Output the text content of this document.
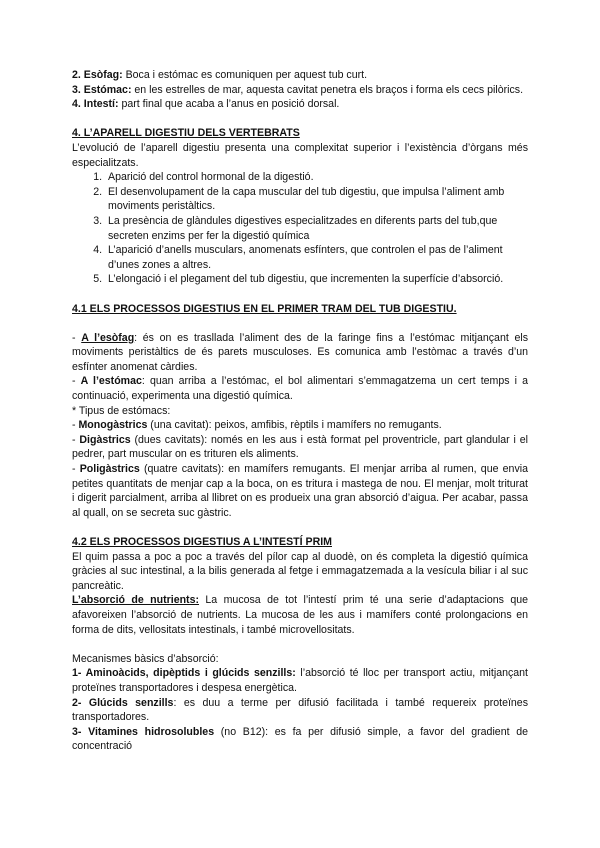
2. Esòfag: Boca i estómac es comuniquen per aquest tub curt.

3. Estómac: en les estrelles de mar, aquesta cavitat penetra els braços i forma els cecs pilòrics.

4. Intestí: part final que acaba a l’anus en posició dorsal.

4. L’APARELL DIGESTIU DELS VERTEBRATS

L’evolució de l’aparell digestiu presenta una complexitat superior i l’existència d’òrgans més especialitzats.

1. Aparició del control hormonal de la digestió.
2. El desenvolupament de la capa muscular del tub digestiu, que impulsa l’aliment amb moviments peristàltics.
3. La presència de glàndules digestives especialitzades en diferents parts del tub,que secreten enzims per fer la digestió química
4. L’aparició d’anells musculars, anomenats esfínters, que controlen el pas de l’aliment d’unes zones a altres.
5. L’elongació i el plegament del tub digestiu, que incrementen la superfície d’absorció.

4.1 ELS PROCESSOS DIGESTIUS EN EL PRIMER TRAM DEL TUB DIGESTIU.

- A l’esòfag: és on es trasllada l’aliment des de la faringe fins a l’estómac mitjançant els moviments peristàltics de és parets musculoses. Es comunica amb l’estòmac a través d’un esfínter anomenat càrdies.

- A l’estómac: quan arriba a l’estómac, el bol alimentari s’emmagatzema un cert temps i a continuació, experimenta una digestió química.

* Tipus de estómacs:

- Monogàstrics (una cavitat): peixos, amfibis, rèptils i mamífers no remugants.

- Digàstrics (dues cavitats): només en les aus i està format pel proventricle, part glandular i el pedrer, part muscular on es trituren els aliments.

- Poligàstrics (quatre cavitats): en mamífers remugants. El menjar arriba al rumen, que envia petites quantitats de menjar cap a la boca, on es tritura i mastega de nou. El menjar, molt triturat i digerit parcialment, arriba al llibret on es produeix una gran absorció d’aigua. Per acabar, passa al quall, on se secreta suc gàstric.

4.2 ELS PROCESSOS DIGESTIUS A L’INTESTÍ PRIM

El quim passa a poc a poc a través del pílor cap al duodè, on és completa la digestió química gràcies al suc intestinal, a la bilis generada al fetge i emmagatzemada a la vesícula biliar i al suc pancreàtic.

L’absorció de nutrients: La mucosa de tot l’intestí prim té una serie d’adaptacions que afavoreixen l’absorció de nutrients. La mucosa de les aus i mamífers conté prolongacions en forma de dits, vellositats intestinals, i també microvellositats.

Mecanismes bàsics d’absorció:

1- Aminoàcids, dipèptids i glúcids senzills: l’absorció té lloc per transport actiu, mitjançant proteïnes transportadores i despesa energètica.

2- Glúcids senzills: es duu a terme per difusió facilitada i també requereix proteïnes transportadores.

3- Vitamines hidrosolubles (no B12): es fa per difusió simple, a favor del gradient de concentració
